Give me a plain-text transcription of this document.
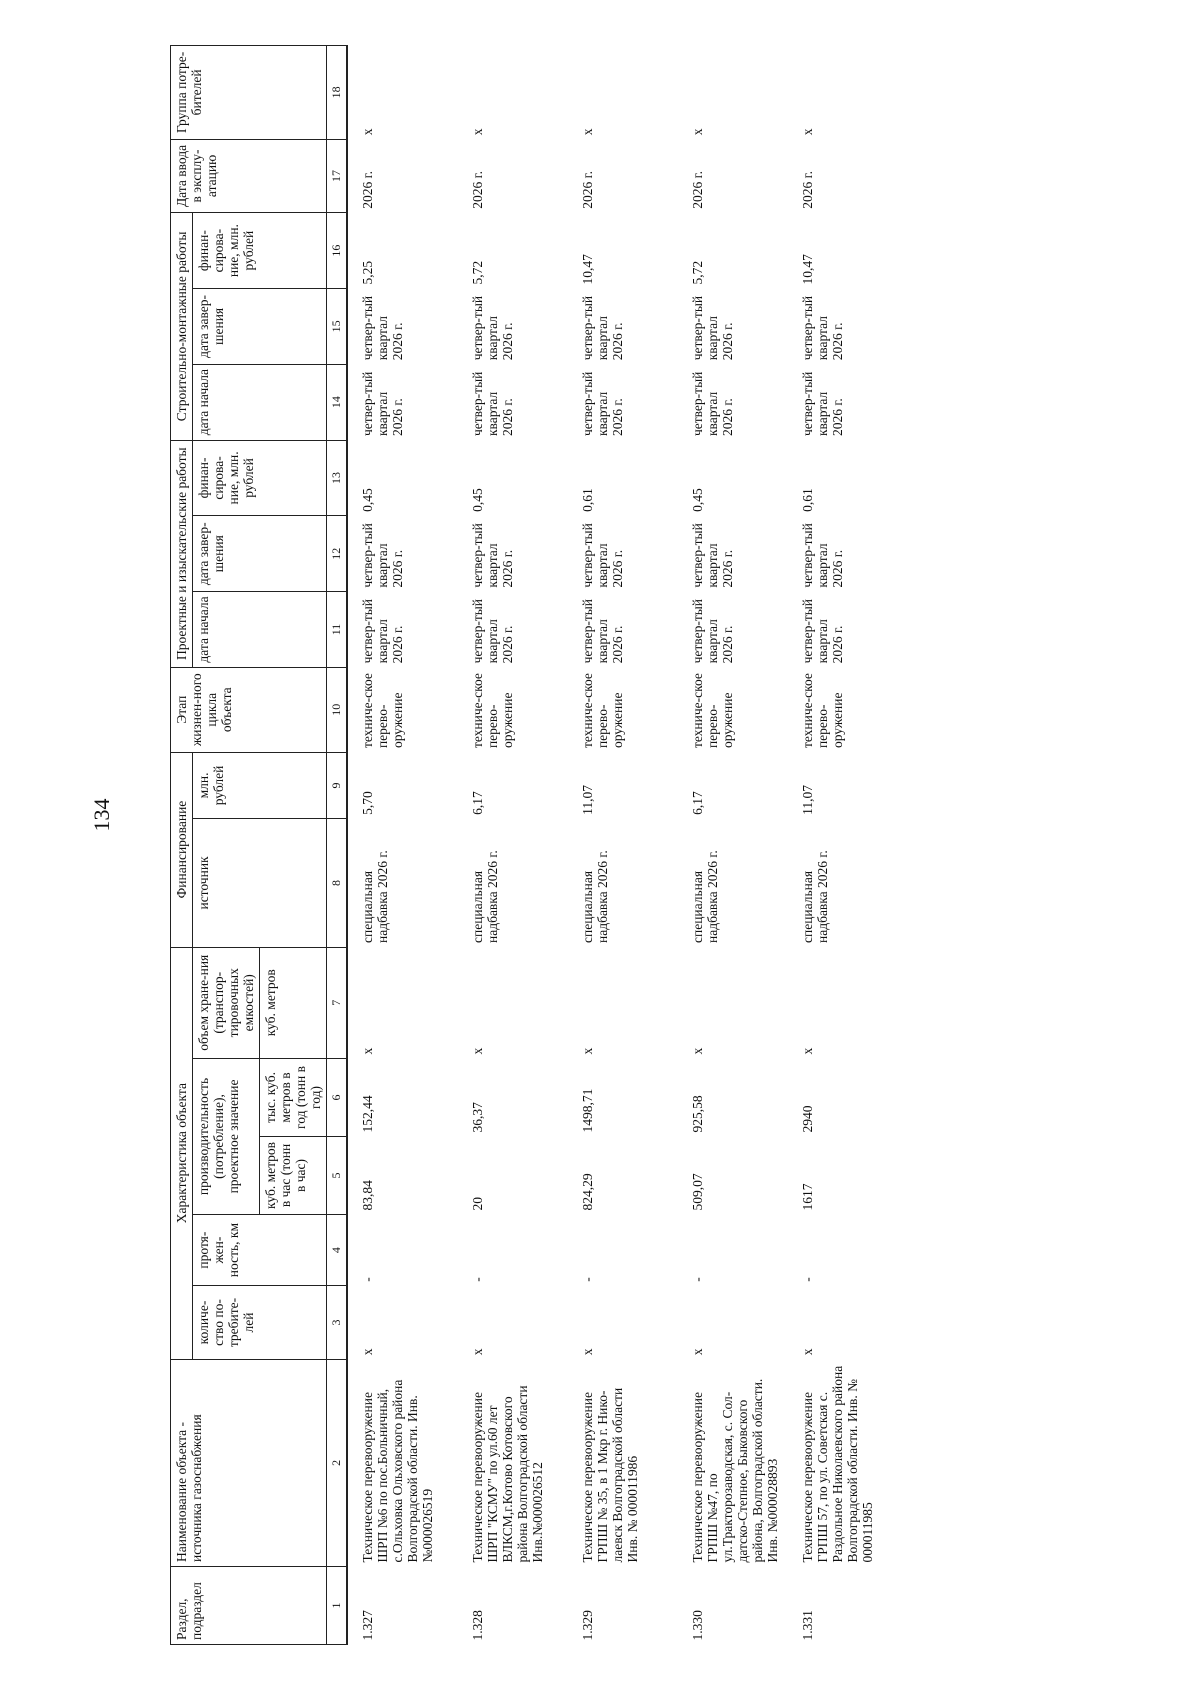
134
Раздел, подраздел	Наименование объекта - источника газоснабжения	Характеристика объекта					Финансирование		Этап жизнен-ного цикла объекта	Проектные и изыскательские работы			Строительно-монтажные работы			Дата ввода в эксплу-атацию	Группа потре-бителей
		количе-ство по-требите-лей	протя-жен-ность, км	производительность (потребление), проектное значение		объем хране-ния (транспор-тировочных емкостей)	источник	млн. рублей		дата начала	дата завер-шения	финан-сирова-ние, млн. рублей	дата начала	дата завер-шения	финан-сирова-ние, млн. рублей		
				куб. метров в час (тонн в час)	тыс. куб. метров в год (тонн в год)	куб. метров											
1	2	3	4	5	6	7	8	9	10	11	12	13	14	15	16	17	18
1.327	Техническое перевооружение ШРП №6 по пос.Больничный, с.Ольховка Ольховского района Волгоградской области. Инв.№000026519	x	-	83,84	152,44	x	специальная надбавка 2026 г.	5,70	техниче-ское перево-оружение	четвер-тый квартал 2026 г.	четвер-тый квартал 2026 г.	0,45	четвер-тый квартал 2026 г.	четвер-тый квартал 2026 г.	5,25	2026 г.	x
1.328	Техническое перевооружение ШРП "КСМУ" по ул.60 лет ВЛКСМ,г.Котово Котовского района Волгоградской области Инв.№000026512	x	-	20	36,37	x	специальная надбавка 2026 г.	6,17	техниче-ское перево-оружение	четвер-тый квартал 2026 г.	четвер-тый квартал 2026 г.	0,45	четвер-тый квартал 2026 г.	четвер-тый квартал 2026 г.	5,72	2026 г.	x
1.329	Техническое перевооружение ГРПШ № 35, в 1 Мкр г. Нико-лаевск Волгоградской области Инв. № 000011986	x	-	824,29	1498,71	x	специальная надбавка 2026 г.	11,07	техниче-ское перево-оружение	четвер-тый квартал 2026 г.	четвер-тый квартал 2026 г.	0,61	четвер-тый квартал 2026 г.	четвер-тый квартал 2026 г.	10,47	2026 г.	x
1.330	Техническое перевооружение ГРПШ №47, по ул.Тракторозаводская, с. Сол-датско-Степное, Быковского района, Волгоградской области. Инв. №000028893	x	-	509,07	925,58	x	специальная надбавка 2026 г.	6,17	техниче-ское перево-оружение	четвер-тый квартал 2026 г.	четвер-тый квартал 2026 г.	0,45	четвер-тый квартал 2026 г.	четвер-тый квартал 2026 г.	5,72	2026 г.	x
1.331	Техническое перевооружение ГРПШ 57, по ул. Советская с. Раздольное Николаевского района Волгоградской области. Инв. № 000011985	x	-	1617	2940	x	специальная надбавка 2026 г.	11,07	техниче-ское перево-оружение	четвер-тый квартал 2026 г.	четвер-тый квартал 2026 г.	0,61	четвер-тый квартал 2026 г.	четвер-тый квартал 2026 г.	10,47	2026 г.	x
